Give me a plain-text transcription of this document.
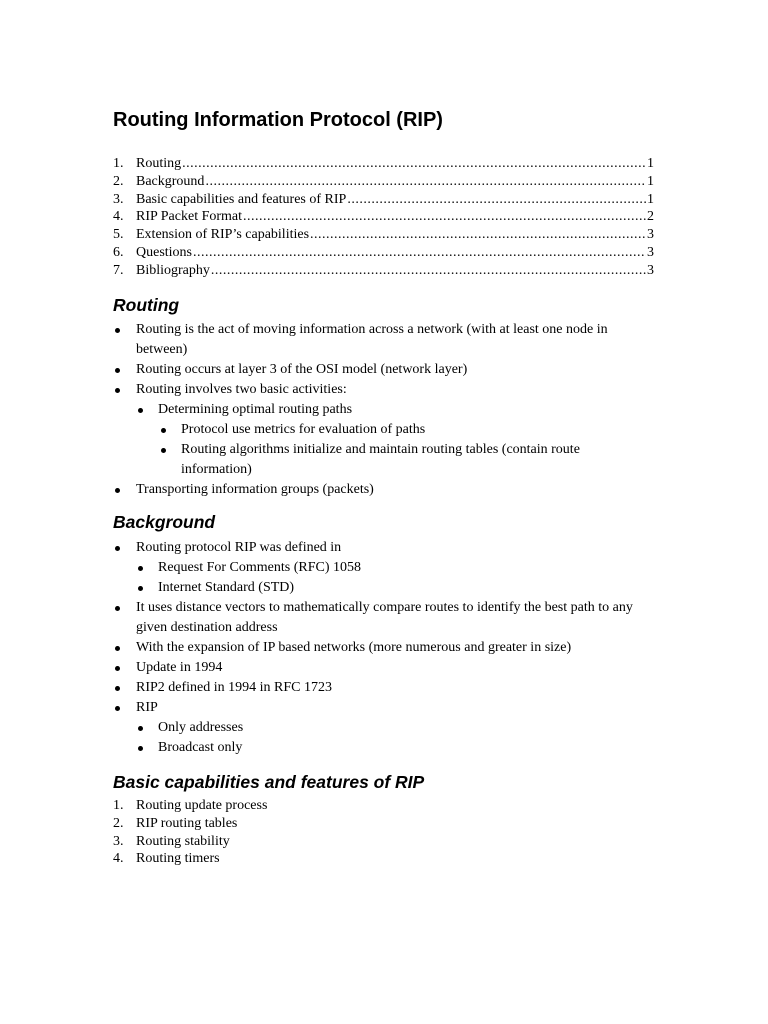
Routing Information Protocol (RIP)
1. Routing .....	1
2. Background .....	1
3. Basic capabilities and features of RIP .....	1
4. RIP Packet Format .....	2
5. Extension of RIP’s capabilities .....	3
6. Questions .....	3
7. Bibliography .....	3
Routing
Routing is the act of moving information across a network (with at least one node in between)
Routing occurs at layer 3 of the OSI model (network layer)
Routing involves two basic activities:
Determining optimal routing paths
Protocol use metrics for evaluation of paths
Routing algorithms initialize and maintain routing tables (contain route information)
Transporting information groups (packets)
Background
Routing protocol RIP was defined in
Request For Comments (RFC) 1058
Internet Standard (STD)
It uses distance vectors to mathematically compare routes to identify the best path to any given destination address
With the expansion of IP based networks (more numerous and greater in size)
Update in 1994
RIP2 defined in 1994 in RFC 1723
RIP
Only addresses
Broadcast only
Basic capabilities and features of RIP
1. Routing update process
2. RIP routing tables
3. Routing stability
4. Routing timers
